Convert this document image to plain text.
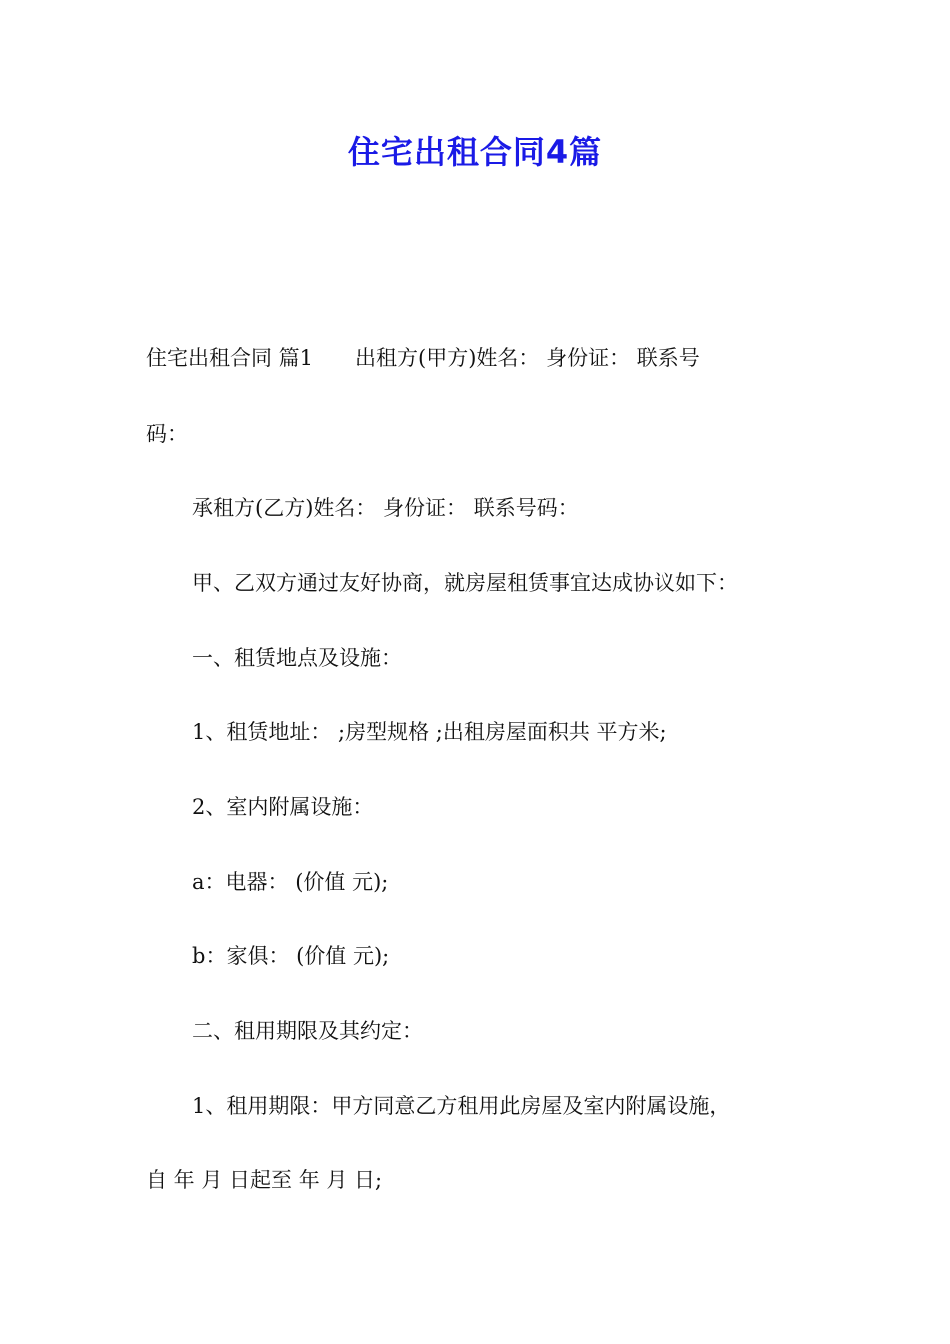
住宅出租合同4篇
住宅出租合同 篇1 出租方(甲方)姓名： 身份证： 联系号
码：
承租方(乙方)姓名： 身份证： 联系号码：
甲、乙双方通过友好协商，就房屋租赁事宜达成协议如下：
一、租赁地点及设施：
1、租赁地址： ;房型规格 ;出租房屋面积共 平方米;
2、室内附属设施：
a：电器： (价值 元);
b：家俱： (价值 元);
二、租用期限及其约定：
1、租用期限：甲方同意乙方租用此房屋及室内附属设施，
自 年 月 日起至 年 月 日;
